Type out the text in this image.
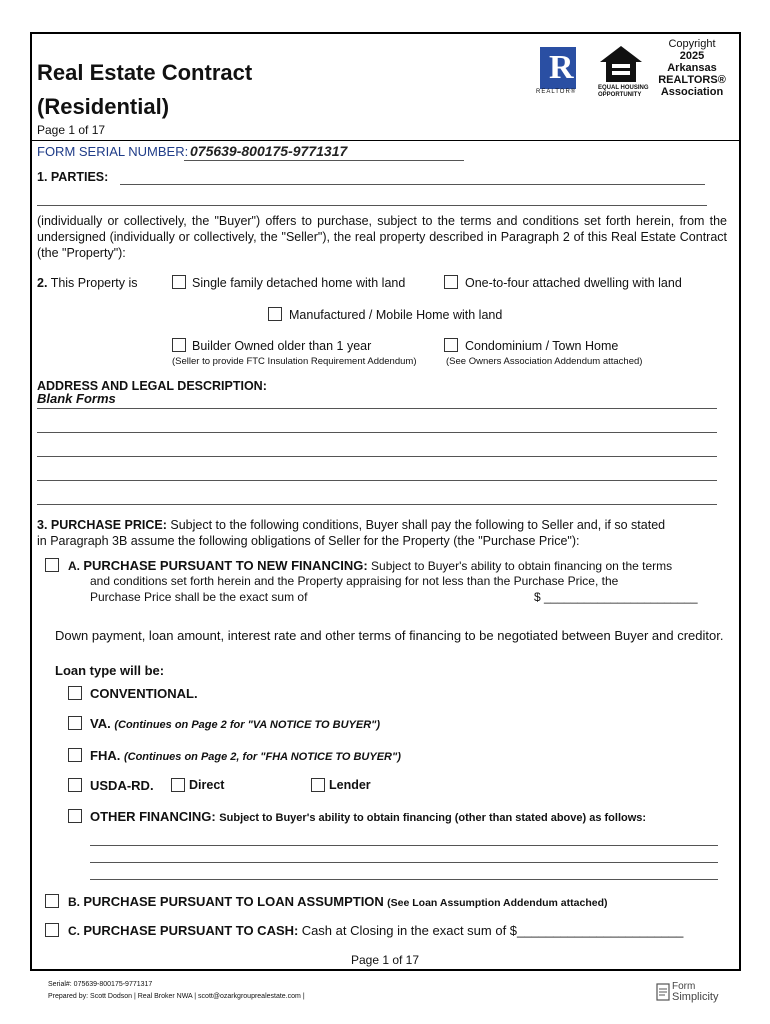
Real Estate Contract
(Residential)
Page 1 of 17
R
REALTOR®
EQUAL HOUSING
OPPORTUNITY
Copyright
2025
Arkansas
REALTORS®
Association
FORM SERIAL NUMBER: 075639-800175-9771317
1. PARTIES:
(individually or collectively, the "Buyer") offers to purchase, subject to the terms and conditions set forth herein, from the undersigned (individually or collectively, the "Seller"), the real property described in Paragraph 2 of this Real Estate Contract (the "Property"):
2. This Property is	Single family detached home with land	One-to-four attached dwelling with land
Manufactured / Mobile Home with land
Builder Owned older than 1 year
(Seller to provide FTC Insulation Requirement Addendum)
Condominium / Town Home
(See Owners Association Addendum attached)
ADDRESS AND LEGAL DESCRIPTION:
Blank Forms
3. PURCHASE PRICE: Subject to the following conditions, Buyer shall pay the following to Seller and, if so stated
in Paragraph 3B assume the following obligations of Seller for the Property (the "Purchase Price"):
A. PURCHASE PURSUANT TO NEW FINANCING: Subject to Buyer's ability to obtain financing on the terms
and conditions set forth herein and the Property appraising for not less than the Purchase Price, the
Purchase Price shall be the exact sum of	$ _______________________
Down payment, loan amount, interest rate and other terms of financing to be negotiated between Buyer and creditor.
Loan type will be:
CONVENTIONAL.
VA. (Continues on Page 2 for "VA NOTICE TO BUYER")
FHA. (Continues on Page 2, for "FHA NOTICE TO BUYER")
USDA-RD.	Direct	Lender
OTHER FINANCING: Subject to Buyer's ability to obtain financing (other than stated above) as follows:
B. PURCHASE PURSUANT TO LOAN ASSUMPTION (See Loan Assumption Addendum attached)
C. PURCHASE PURSUANT TO CASH: Cash at Closing in the exact sum of $_______________________
Page 1 of 17
Serial#: 075639-800175-9771317
Prepared by: Scott Dodson | Real Broker NWA | scott@ozarkgrouprealestate.com |
Form
Simplicity
